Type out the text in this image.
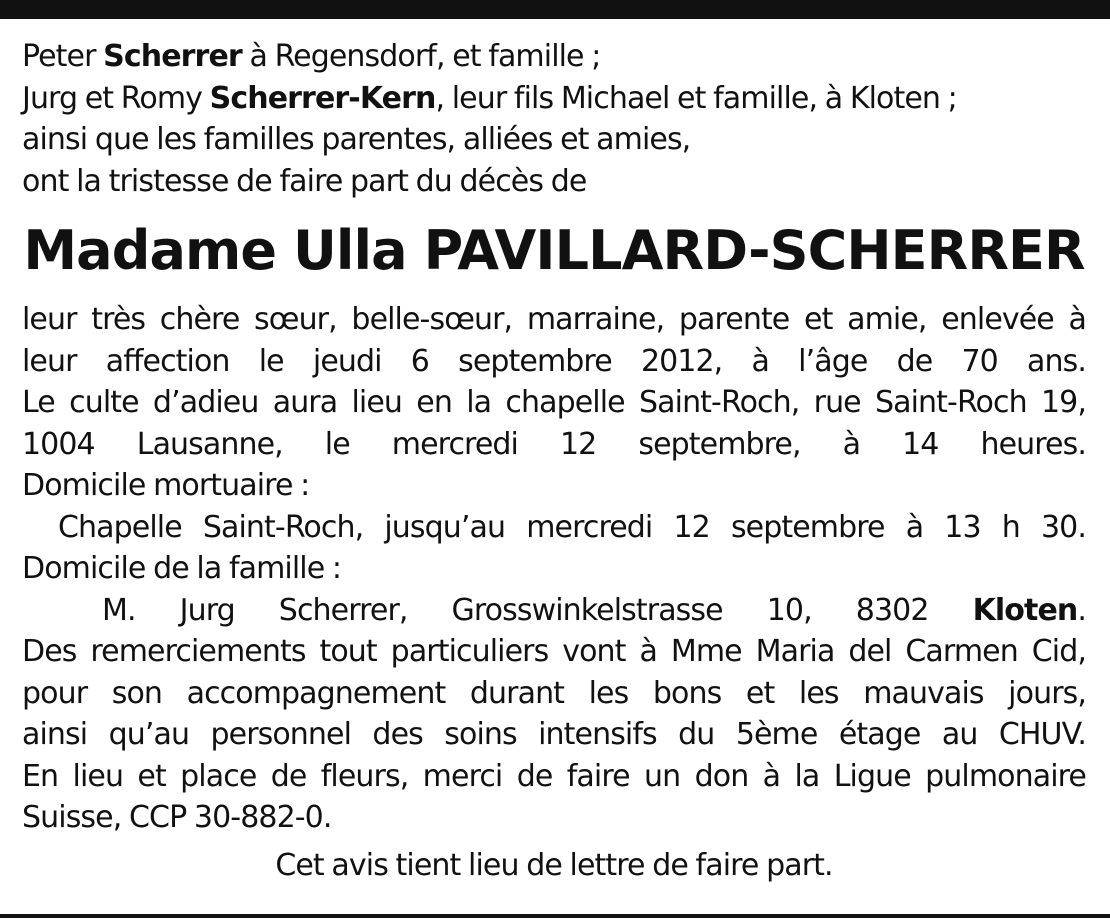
Peter Scherrer à Regensdorf, et famille ;
Jurg et Romy Scherrer-Kern, leur fils Michael et famille, à Kloten ;
ainsi que les familles parentes, alliées et amies,
ont la tristesse de faire part du décès de
Madame Ulla PAVILLARD-SCHERRER
leur très chère sœur, belle-sœur, marraine, parente et amie, enlevée à
leur affection le jeudi 6 septembre 2012, à l’âge de 70 ans.
Le culte d’adieu aura lieu en la chapelle Saint-Roch, rue Saint-Roch 19,
1004 Lausanne, le mercredi 12 septembre, à 14 heures.
Domicile mortuaire :
Chapelle Saint-Roch, jusqu’au mercredi 12 septembre à 13 h 30.
Domicile de la famille :
M. Jurg Scherrer, Grosswinkelstrasse 10, 8302 Kloten.
Des remerciements tout particuliers vont à Mme Maria del Carmen Cid,
pour son accompagnement durant les bons et les mauvais jours,
ainsi qu’au personnel des soins intensifs du 5ème étage au CHUV.
En lieu et place de fleurs, merci de faire un don à la Ligue pulmonaire
Suisse, CCP 30-882-0.
Cet avis tient lieu de lettre de faire part.
